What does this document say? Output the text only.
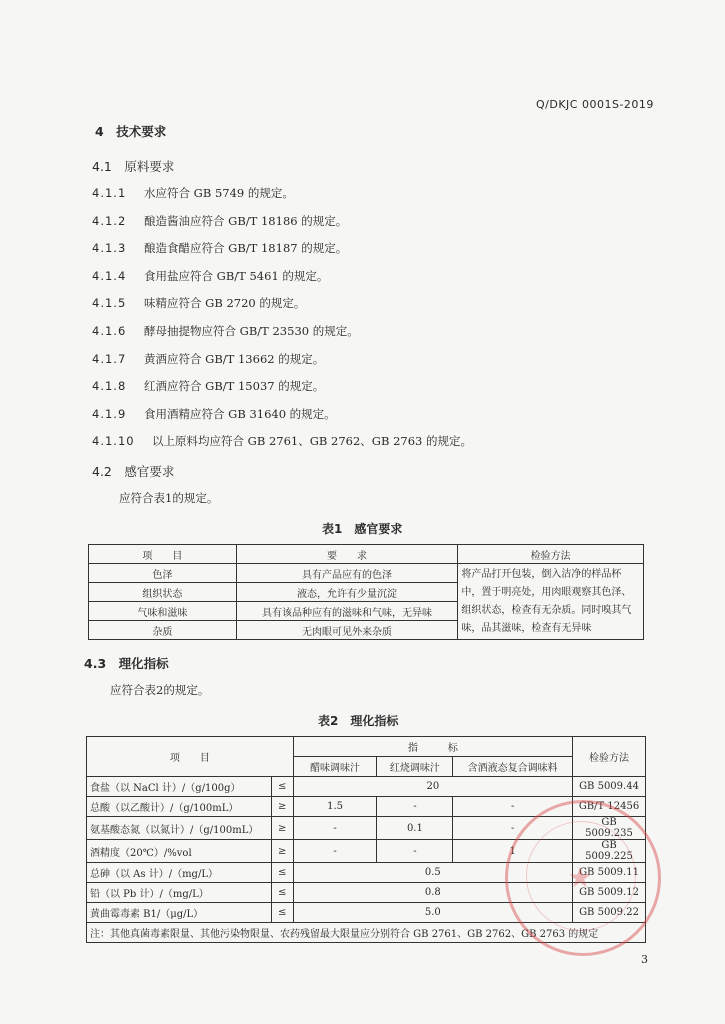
Q/DKJC 0001S-2019
4　技术要求
4.1　原料要求
4.1.1 水应符合 GB 5749 的规定。
4.1.2 酿造酱油应符合 GB/T 18186 的规定。
4.1.3 酿造食醋应符合 GB/T 18187 的规定。
4.1.4 食用盐应符合 GB/T 5461 的规定。
4.1.5 味精应符合 GB 2720 的规定。
4.1.6 酵母抽提物应符合 GB/T 23530 的规定。
4.1.7 黄酒应符合 GB/T 13662 的规定。
4.1.8 红酒应符合 GB/T 15037 的规定。
4.1.9 食用酒精应符合 GB 31640 的规定。
4.1.10 以上原料均应符合 GB 2761、GB 2762、GB 2763 的规定。
4.2　感官要求
应符合表1的规定。
表1　感官要求
项　　目	要　　求	检验方法
色泽	具有产品应有的色泽	将产品打开包装，倒入洁净的样品杯中，置于明亮处，用肉眼观察其色泽、组织状态，检查有无杂质。同时嗅其气味，品其滋味，检查有无异味
组织状态	液态，允许有少量沉淀	
气味和滋味	具有该品种应有的滋味和气味，无异味	
杂质	无肉眼可见外来杂质	
4.3　理化指标
应符合表2的规定。
表2　理化指标
项　　目		指　　　标			检验方法
		醋味调味汁	红烧调味汁	含酒液态复合调味料	
食盐（以 NaCl 计）/（g/100g）	≤	20			GB 5009.44
总酸（以乙酸计）/（g/100mL）	≥	1.5	-	-	GB/T 12456
氨基酸态氮（以氮计）/（g/100mL）	≥	-	0.1	-	GB 5009.235
酒精度（20℃）/%vol	≥	-	-	1	GB 5009.225
总砷（以 As 计）/（mg/L）	≤	0.5			GB 5009.11
铅（以 Pb 计）/（mg/L）	≤	0.8			GB 5009.12
黄曲霉毒素 B1/（μg/L）	≤	5.0			GB 5009.22
注：其他真菌毒素限量、其他污染物限量、农药残留最大限量应分别符合 GB 2761、GB 2762、GB 2763 的规定					
★
3
